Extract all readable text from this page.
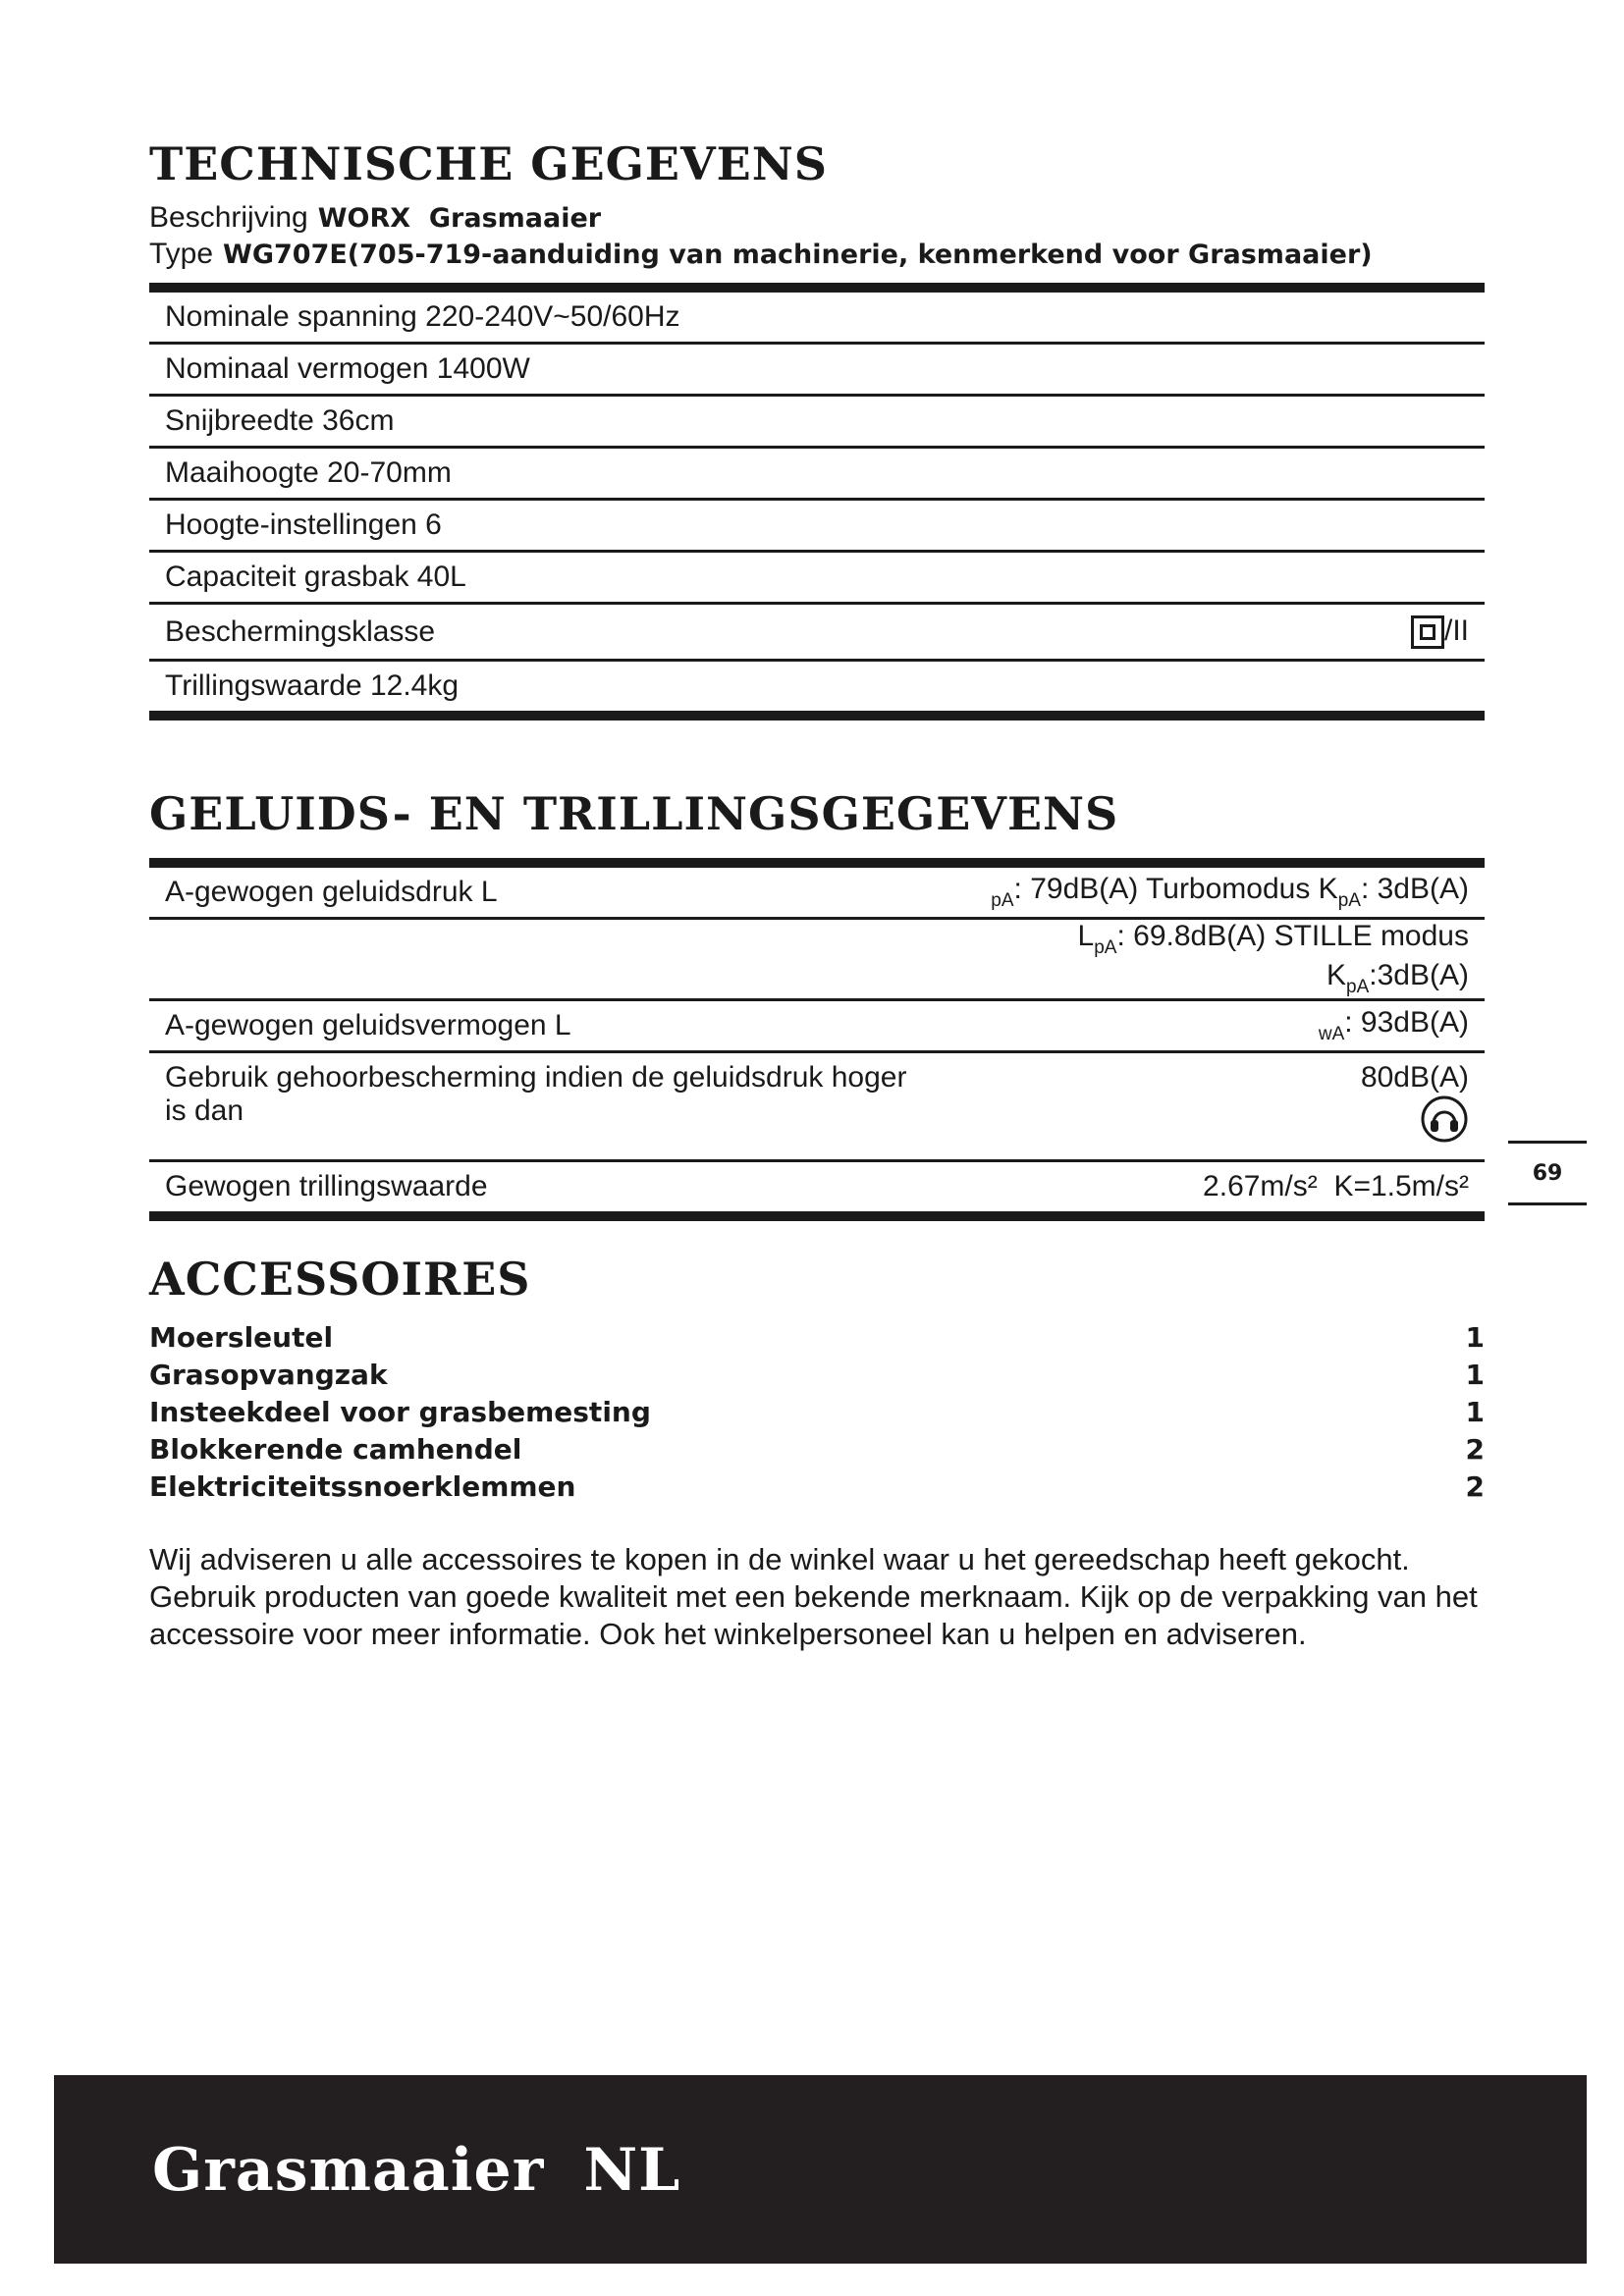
TECHNISCHE GEGEVENS
Beschrijving WORX  Grasmaaier
Type WG707E(705-719-aanduiding van machinerie, kenmerkend voor Grasmaaier)
Nominale spanning 220-240V~50/60Hz	
Nominaal vermogen 1400W	
Snijbreedte 36cm	
Maaihoogte 20-70mm	
Hoogte-instellingen 6	
Capaciteit grasbak 40L	
Beschermingsklasse	/II
Trillingswaarde 12.4kg	
GELUIDS- EN TRILLINGSGEGEVENS
A-gewogen geluidsdruk L	$_{pA}$: 79dB(A) Turbomodus $K_{pA}$: 3dB(A)
	$L_{pA}$: 69.8dB(A) STILLE modus $K_{pA}:3dB(A)$
A-gewogen geluidsvermogen L	$_{wA}$: 93dB(A)
Gebruik gehoorbescherming indien de geluidsdruk hoger is dan	80dB(A)

Gewogen trillingswaarde	2.67m/s² K=1.5m/s²
ACCESSOIRES
Moersleutel	1
Grasopvangzak	1
Insteekdeel voor grasbemesting	1
Blokkerende camhendel	2
Elektriciteitssnoerklemmen	2

Wij adviseren u alle accessoires te kopen in de winkel waar u het gereedschap heeft gekocht. Gebruik producten van goede kwaliteit met een bekende merknaam. Kijk op de verpakking van het accessoire voor meer informatie. Ook het winkelpersoneel kan u helpen en adviseren.

69
Grasmaaier NL
